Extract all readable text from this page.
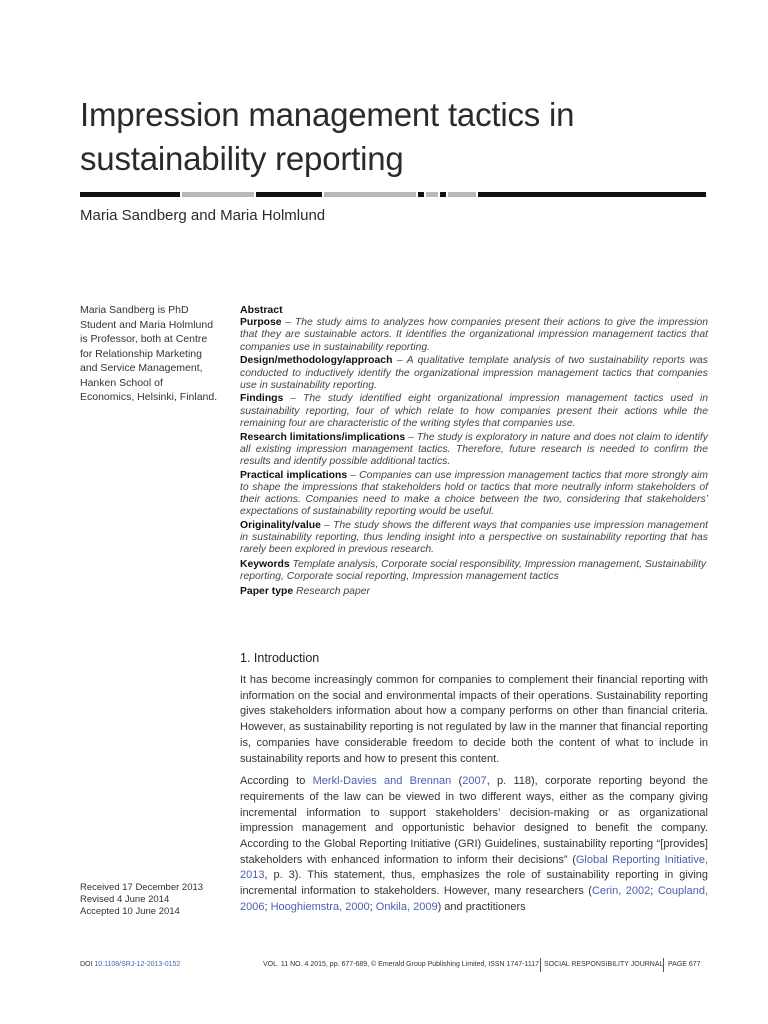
Impression management tactics in sustainability reporting
Maria Sandberg and Maria Holmlund

Maria Sandberg is PhD Student and Maria Holmlund is Professor, both at Centre for Relationship Marketing and Service Management, Hanken School of Economics, Helsinki, Finland.

Abstract

Purpose – The study aims to analyzes how companies present their actions to give the impression that they are sustainable actors. It identifies the organizational impression management tactics that companies use in sustainability reporting.

Design/methodology/approach – A qualitative template analysis of two sustainability reports was conducted to inductively identify the organizational impression management tactics that companies use in sustainability reporting.

Findings – The study identified eight organizational impression management tactics used in sustainability reporting, four of which relate to how companies present their actions while the remaining four are characteristic of the writing styles that companies use.

Research limitations/implications – The study is exploratory in nature and does not claim to identify all existing impression management tactics. Therefore, future research is needed to confirm the results and identify possible additional tactics.

Practical implications – Companies can use impression management tactics that more strongly aim to shape the impressions that stakeholders hold or tactics that more neutrally inform stakeholders of their actions. Companies need to make a choice between the two, considering that stakeholders’ expectations of sustainability reporting would be useful.

Originality/value – The study shows the different ways that companies use impression management in sustainability reporting, thus lending insight into a perspective on sustainability reporting that has rarely been explored in previous research.

Keywords Template analysis, Corporate social responsibility, Impression management, Sustainability reporting, Corporate social reporting, Impression management tactics

Paper type Research paper

1. Introduction

It has become increasingly common for companies to complement their financial reporting with information on the social and environmental impacts of their operations. Sustainability reporting gives stakeholders information about how a company performs on other than financial criteria. However, as sustainability reporting is not regulated by law in the manner that financial reporting is, companies have considerable freedom to decide both the content of what to include in sustainability reports and how to present this content.

According to Merkl-Davies and Brennan (2007, p. 118), corporate reporting beyond the requirements of the law can be viewed in two different ways, either as the company giving incremental information to support stakeholders’ decision-making or as organizational impression management and opportunistic behavior designed to benefit the company. According to the Global Reporting Initiative (GRI) Guidelines, sustainability reporting “[provides] stakeholders with enhanced information to inform their decisions” (Global Reporting Initiative, 2013, p. 3). This statement, thus, emphasizes the role of sustainability reporting in giving incremental information to stakeholders. However, many researchers (Cerin, 2002; Coupland, 2006; Hooghiemstra, 2000; Onkila, 2009) and practitioners

Received 17 December 2013
Revised 4 June 2014
Accepted 10 June 2014
DOI 10.1108/SRJ-12-2013-0152	VOL. 11 NO. 4 2015, pp. 677-689, © Emerald Group Publishing Limited, ISSN 1747-1117 SOCIAL RESPONSIBILITY JOURNAL PAGE 677
